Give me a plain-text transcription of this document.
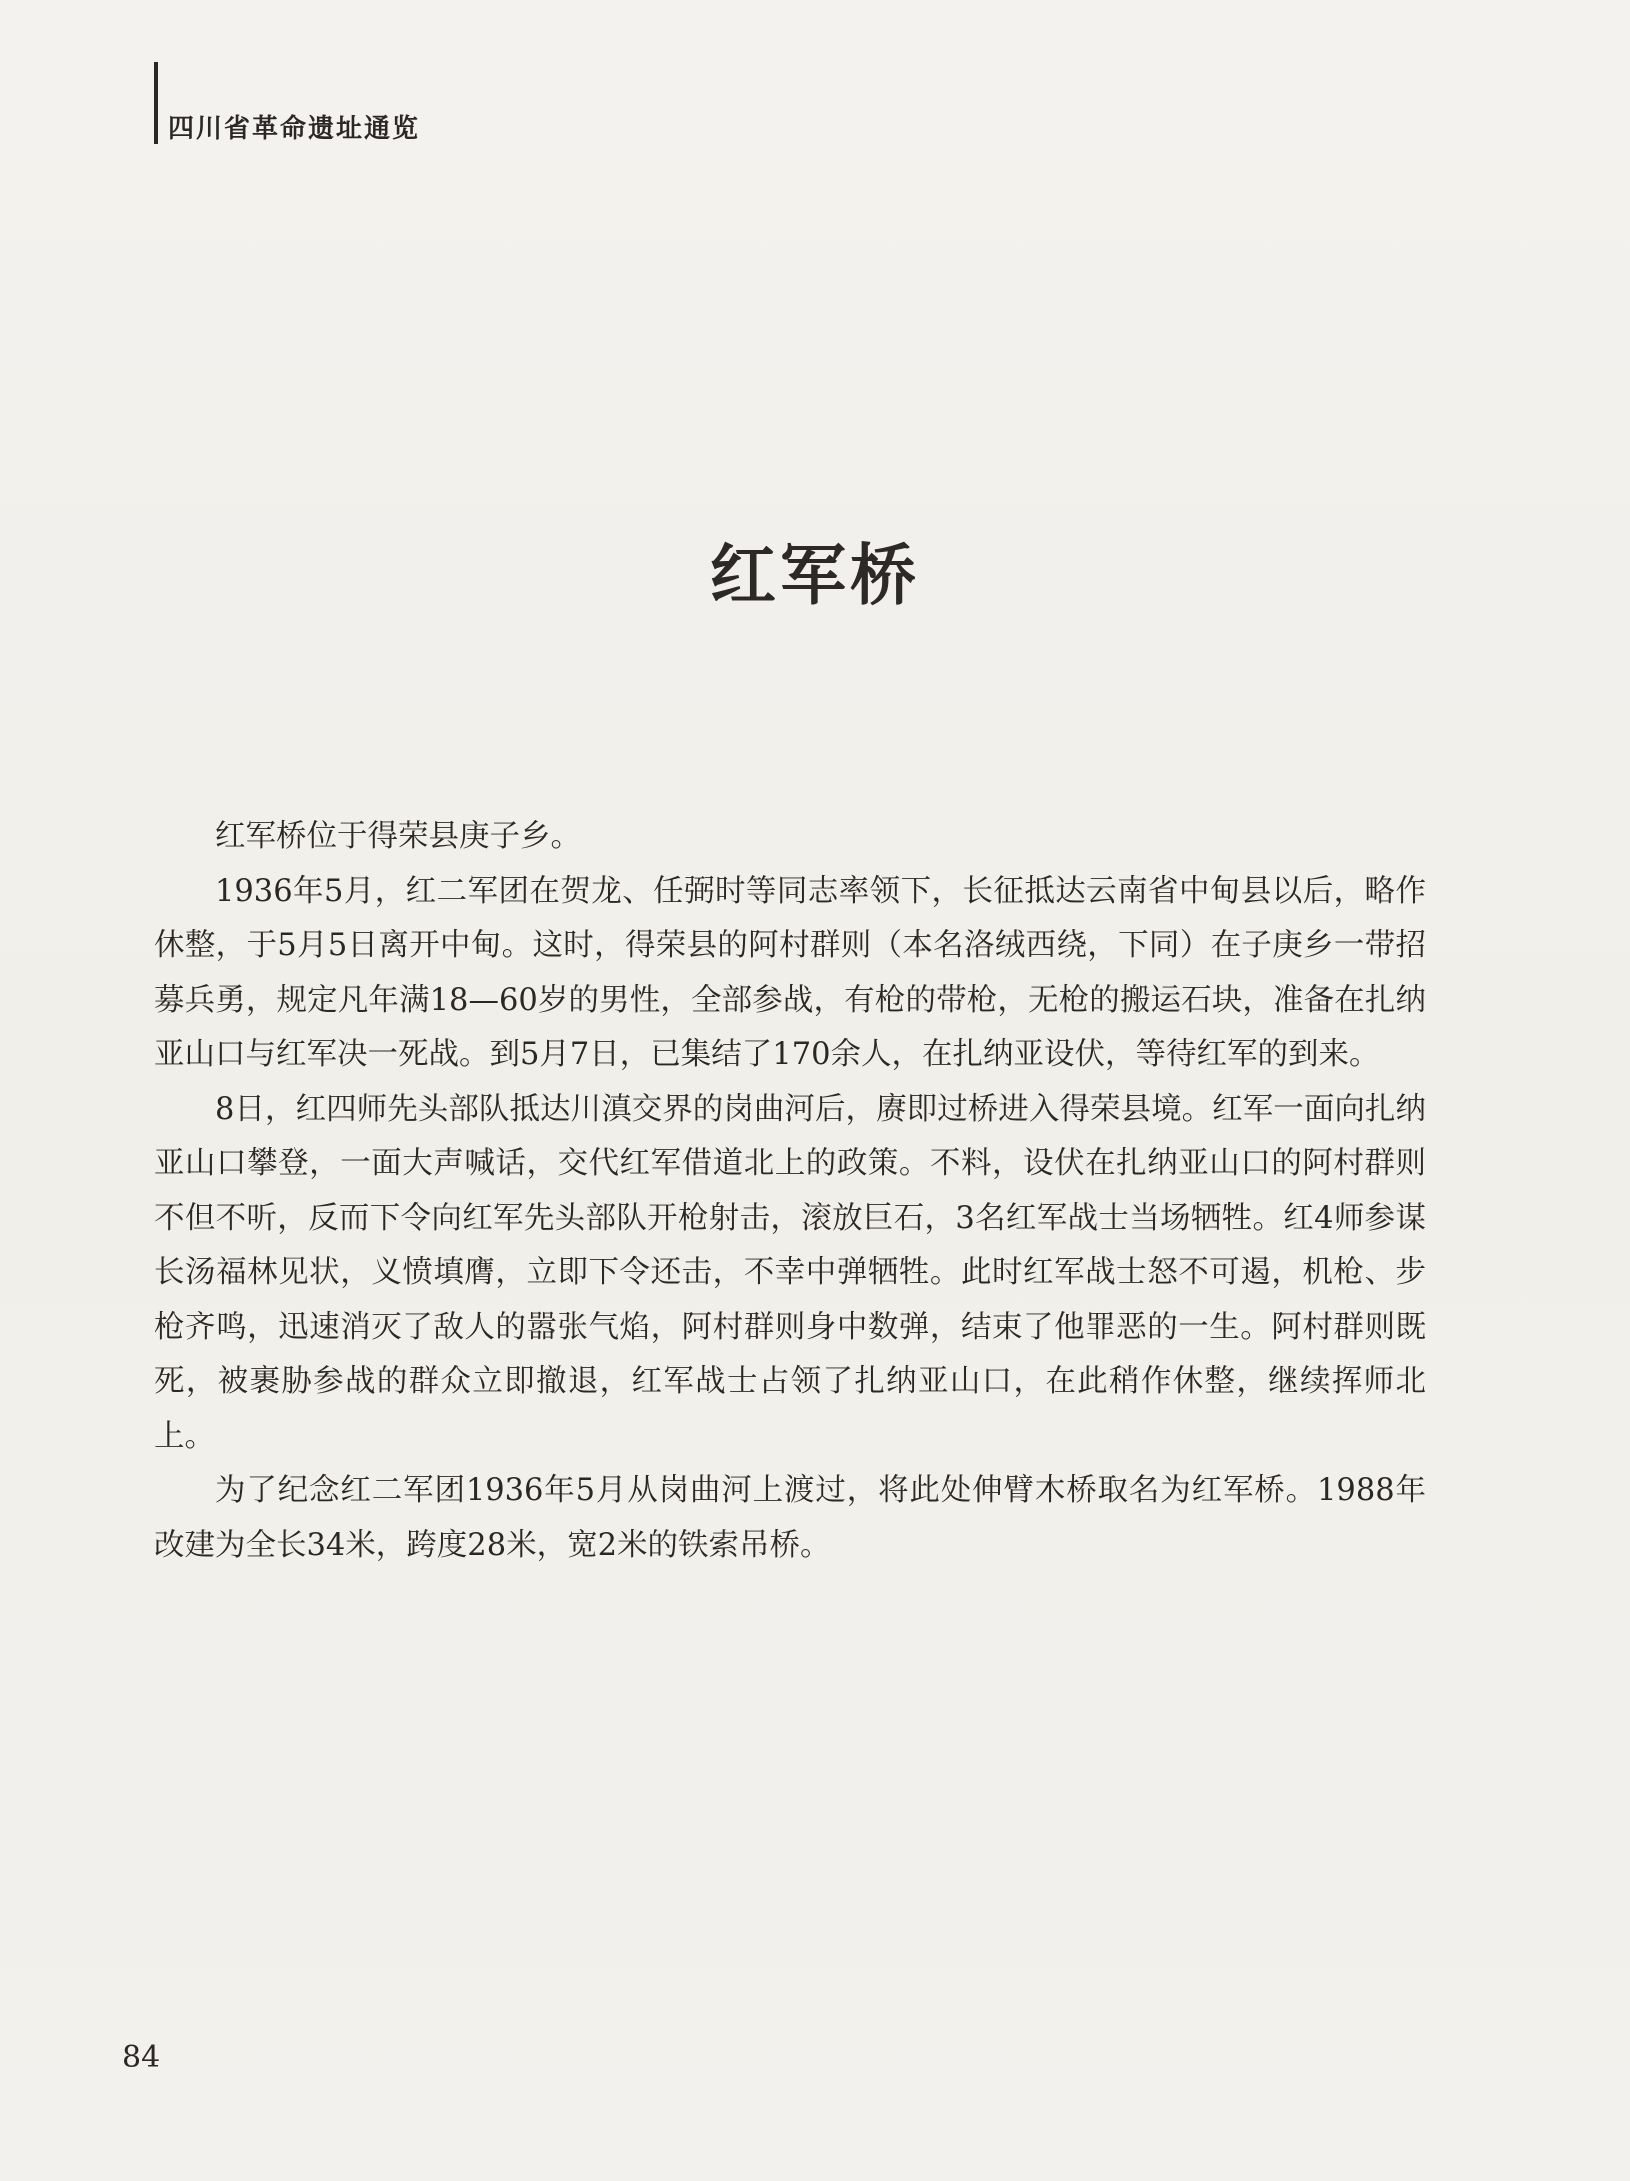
四川省革命遗址通览
红军桥

红军桥位于得荣县庚子乡。

1936年5月，红二军团在贺龙、任弼时等同志率领下，长征抵达云南省中甸县以后，略作休整，于5月5日离开中甸。这时，得荣县的阿村群则（本名洛绒西绕，下同）在子庚乡一带招募兵勇，规定凡年满18—60岁的男性，全部参战，有枪的带枪，无枪的搬运石块，准备在扎纳亚山口与红军决一死战。到5月7日，已集结了170余人，在扎纳亚设伏，等待红军的到来。

8日，红四师先头部队抵达川滇交界的岗曲河后，赓即过桥进入得荣县境。红军一面向扎纳亚山口攀登，一面大声喊话，交代红军借道北上的政策。不料，设伏在扎纳亚山口的阿村群则不但不听，反而下令向红军先头部队开枪射击，滚放巨石，3名红军战士当场牺牲。红4师参谋长汤福林见状，义愤填膺，立即下令还击，不幸中弹牺牲。此时红军战士怒不可遏，机枪、步枪齐鸣，迅速消灭了敌人的嚣张气焰，阿村群则身中数弹，结束了他罪恶的一生。阿村群则既死，被裹胁参战的群众立即撤退，红军战士占领了扎纳亚山口，在此稍作休整，继续挥师北上。

为了纪念红二军团1936年5月从岗曲河上渡过，将此处伸臂木桥取名为红军桥。1988年改建为全长34米，跨度28米，宽2米的铁索吊桥。

84
